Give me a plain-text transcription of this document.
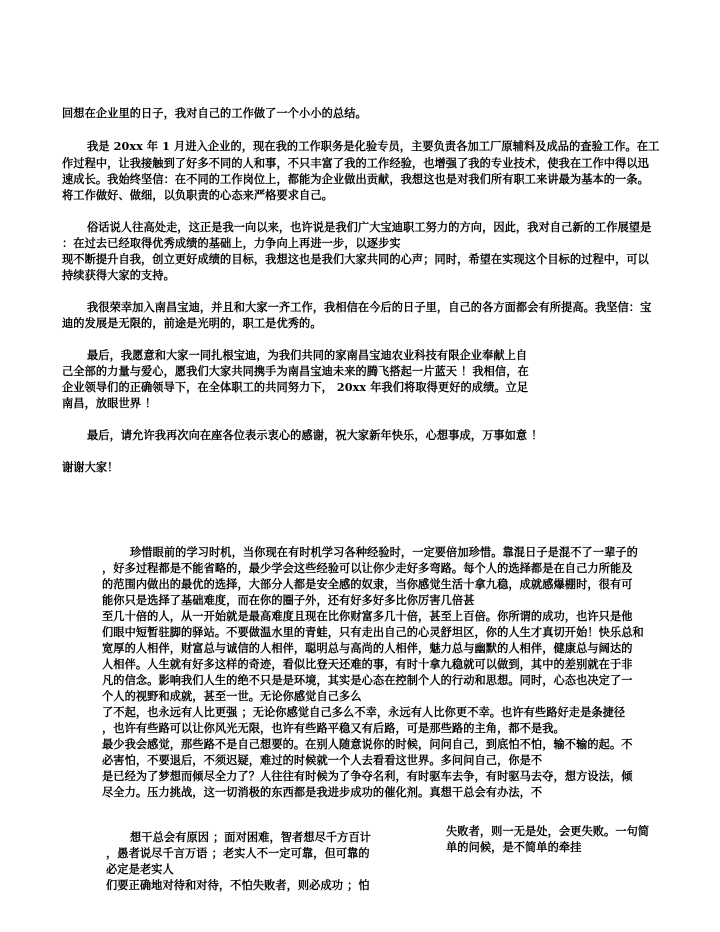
回想在企业里的日子，我对自己的工作做了一个小小的总结。
我是 20xx 年 1 月进入企业的，现在我的工作职务是化验专员，主要负责各加工厂原辅料及成品的查验工作。在工
作过程中，让我接触到了好多不同的人和事，不只丰富了我的工作经验，也增强了我的专业技术，使我在工作中得以迅
速成长。我始终坚信：在不同的工作岗位上，都能为企业做出贡献，我想这也是对我们所有职工来讲最为基本的一条。
将工作做好、做细，以负职责的心态来严格要求自己。
俗话说人往高处走，这正是我一向以来，也许说是我们广大宝迪职工努力的方向，因此，我对自己新的工作展望是
：在过去已经取得优秀成绩的基础上，力争向上再进一步，以逐步实
现不断提升自我，创立更好成绩的目标，我想这也是我们大家共同的心声；同时，希望在实现这个目标的过程中，可以
持续获得大家的支持。
我很荣幸加入南昌宝迪，并且和大家一齐工作，我相信在今后的日子里，自己的各方面都会有所提高。我坚信：宝
迪的发展是无限的，前途是光明的，职工是优秀的。
最后，我愿意和大家一同扎根宝迪，为我们共同的家南昌宝迪农业科技有限企业奉献上自
己全部的力量与爱心，愿我们大家共同携手为南昌宝迪未来的腾飞搭起一片蓝天 ！我相信，在
企业领导们的正确领导下，在全体职工的共同努力下， 20xx 年我们将取得更好的成绩。立足
南昌，放眼世界 ！
最后，请允许我再次向在座各位表示衷心的感谢，祝大家新年快乐，心想事成，万事如意 ！
谢谢大家！
珍惜眼前的学习时机，当你现在有时机学习各种经验时，一定要倍加珍惜。靠混日子是混不了一辈子的
，好多过程都是不能省略的，最少学会这些经验可以让你少走好多弯路。每个人的选择都是在自己力所能及
的范围内做出的最优的选择，大部分人都是安全感的奴隶，当你感觉生活十拿九稳，成就感爆棚时，很有可
能你只是选择了基础难度，而在你的圈子外，还有好多好多比你厉害几倍甚
至几十倍的人，从一开始就是最高难度且现在比你财富多几十倍，甚至上百倍。你所谓的成功，也许只是他
们眼中短暂驻脚的驿站。不要做温水里的青蛙，只有走出自己的心灵舒坦区，你的人生才真切开始！快乐总和
宽厚的人相伴，财富总与诚信的人相伴，聪明总与高尚的人相伴，魅力总与幽默的人相伴，健康总与阔达的
人相伴。人生就有好多这样的奇迹，看似比登天还难的事，有时十拿九稳就可以做到，其中的差别就在于非
凡的信念。影响我们人生的绝不只是是环境，其实是心态在控制个人的行动和思想。同时，心态也决定了一
个人的视野和成就，甚至一世。无论你感觉自己多么
了不起，也永远有人比更强 ；无论你感觉自己多么不幸，永远有人比你更不幸。也许有些路好走是条捷径
，也许有些路可以让你风光无限，也许有些路平稳又有后路，可是那些路的主角，都不是我。
最少我会感觉，那些路不是自己想要的。在别人随意说你的时候，问问自己，到底怕不怕，输不输的起。不
必害怕，不要退后，不须迟疑，难过的时候就一个人去看看这世界。多问问自己，你是不
是已经为了梦想而倾尽全力了？人往往有时候为了争夺名利，有时驱车去争，有时驱马去夺，想方设法，倾
尽全力。压力挑战，这一切消极的东西都是我进步成功的催化剂。真想干总会有办法，不
想干总会有原因 ；面对困难，智者想尽千方百计
，愚者说尽千言万语 ；老实人不一定可靠，但可靠的
必定是老实人
们要正确地对待和对待，不怕失败者，则必成功 ；怕
失败者，则一无是处，会更失败。一句简
单的问候，是不简单的牵挂
